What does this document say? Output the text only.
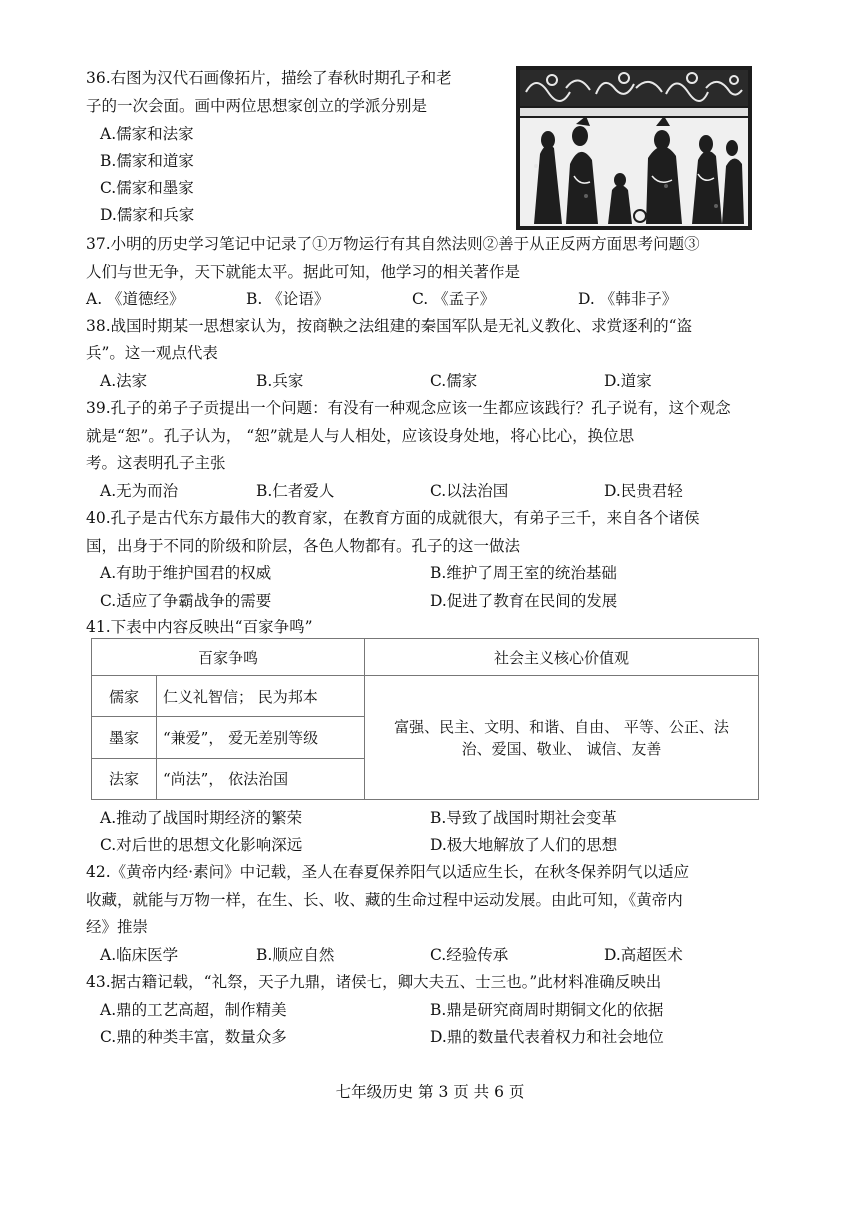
36.右图为汉代石画像拓片，描绘了春秋时期孔子和老
子的一次会面。画中两位思想家创立的学派分别是
A.儒家和法家
B.儒家和道家
C.儒家和墨家
D.儒家和兵家
37.小明的历史学习笔记中记录了①万物运行有其自然法则②善于从正反两方面思考问题③
人们与世无争，天下就能太平。据此可知，他学习的相关著作是
A. 《道德经》	B. 《论语》	C. 《孟子》	D. 《韩非子》
38.战国时期某一思想家认为，按商鞅之法组建的秦国军队是无礼义教化、求赏逐利的“盗
兵”。这一观点代表
A.法家	B.兵家	C.儒家	D.道家
39.孔子的弟子子贡提出一个问题：有没有一种观念应该一生都应该践行？孔子说有，这个观念
就是“恕”。孔子认为， “恕”就是人与人相处，应该设身处地，将心比心，换位思
考。这表明孔子主张
A.无为而治	B.仁者爱人	C.以法治国	D.民贵君轻
40.孔子是古代东方最伟大的教育家，在教育方面的成就很大，有弟子三千，来自各个诸侯
国，出身于不同的阶级和阶层，各色人物都有。孔子的这一做法
A.有助于维护国君的权威	B.维护了周王室的统治基础
C.适应了争霸战争的需要	D.促进了教育在民间的发展
41.下表中内容反映出“百家争鸣”
百家争鸣		社会主义核心价值观
儒家	仁义礼智信； 民为邦本	富强、民主、文明、和谐、自由、 平等、公正、法
治、爱国、敬业、 诚信、友善

墨家	“兼爱”， 爱无差别等级	
法家	“尚法”， 依法治国	
A.推动了战国时期经济的繁荣	B.导致了战国时期社会变革
C.对后世的思想文化影响深远	D.极大地解放了人们的思想
42.《黄帝内经·素问》中记载，圣人在春夏保养阳气以适应生长，在秋冬保养阴气以适应
收藏，就能与万物一样，在生、长、收、藏的生命过程中运动发展。由此可知，《黄帝内
经》推崇
A.临床医学	B.顺应自然	C.经验传承	D.高超医术
43.据古籍记载，“礼祭，天子九鼎，诸侯七，卿大夫五、士三也。”此材料准确反映出
A.鼎的工艺高超，制作精美	B.鼎是研究商周时期铜文化的依据
C.鼎的种类丰富，数量众多	D.鼎的数量代表着权力和社会地位
七年级历史 第 3 页 共 6 页
